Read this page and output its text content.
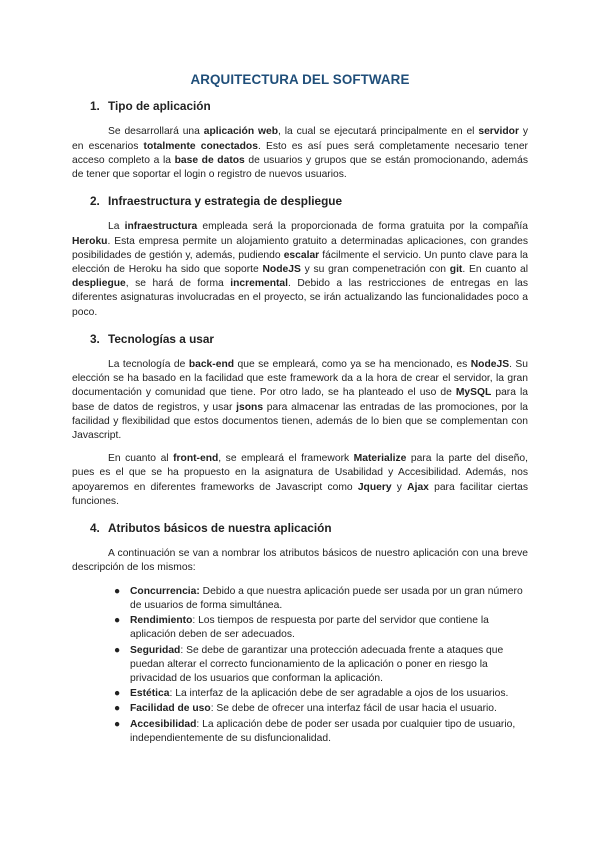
ARQUITECTURA DEL SOFTWARE
1. Tipo de aplicación

Se desarrollará una aplicación web, la cual se ejecutará principalmente en el servidor y en escenarios totalmente conectados. Esto es así pues será completamente necesario tener acceso completo a la base de datos de usuarios y grupos que se están promocionando, además de tener que soportar el login o registro de nuevos usuarios.

2. Infraestructura y estrategia de despliegue

La infraestructura empleada será la proporcionada de forma gratuita por la compañía Heroku. Esta empresa permite un alojamiento gratuito a determinadas aplicaciones, con grandes posibilidades de gestión y, además, pudiendo escalar fácilmente el servicio. Un punto clave para la elección de Heroku ha sido que soporte NodeJS y su gran compenetración con git. En cuanto al despliegue, se hará de forma incremental. Debido a las restricciones de entregas en las diferentes asignaturas involucradas en el proyecto, se irán actualizando las funcionalidades poco a poco.

3. Tecnologías a usar

La tecnología de back-end que se empleará, como ya se ha mencionado, es NodeJS. Su elección se ha basado en la facilidad que este framework da a la hora de crear el servidor, la gran documentación y comunidad que tiene. Por otro lado, se ha planteado el uso de MySQL para la base de datos de registros, y usar jsons para almacenar las entradas de las promociones, por la facilidad y flexibilidad que estos documentos tienen, además de lo bien que se complementan con Javascript.

En cuanto al front-end, se empleará el framework Materialize para la parte del diseño, pues es el que se ha propuesto en la asignatura de Usabilidad y Accesibilidad. Además, nos apoyaremos en diferentes frameworks de Javascript como Jquery y Ajax para facilitar ciertas funciones.

4. Atributos básicos de nuestra aplicación

A continuación se van a nombrar los atributos básicos de nuestro aplicación con una breve descripción de los mismos:

● Concurrencia: Debido a que nuestra aplicación puede ser usada por un gran número de usuarios de forma simultánea.
● Rendimiento: Los tiempos de respuesta por parte del servidor que contiene la aplicación deben de ser adecuados.
● Seguridad: Se debe de garantizar una protección adecuada frente a ataques que puedan alterar el correcto funcionamiento de la aplicación o poner en riesgo la privacidad de los usuarios que conforman la aplicación.
● Estética: La interfaz de la aplicación debe de ser agradable a ojos de los usuarios.
● Facilidad de uso: Se debe de ofrecer una interfaz fácil de usar hacia el usuario.
● Accesibilidad: La aplicación debe de poder ser usada por cualquier tipo de usuario, independientemente de su disfuncionalidad.
